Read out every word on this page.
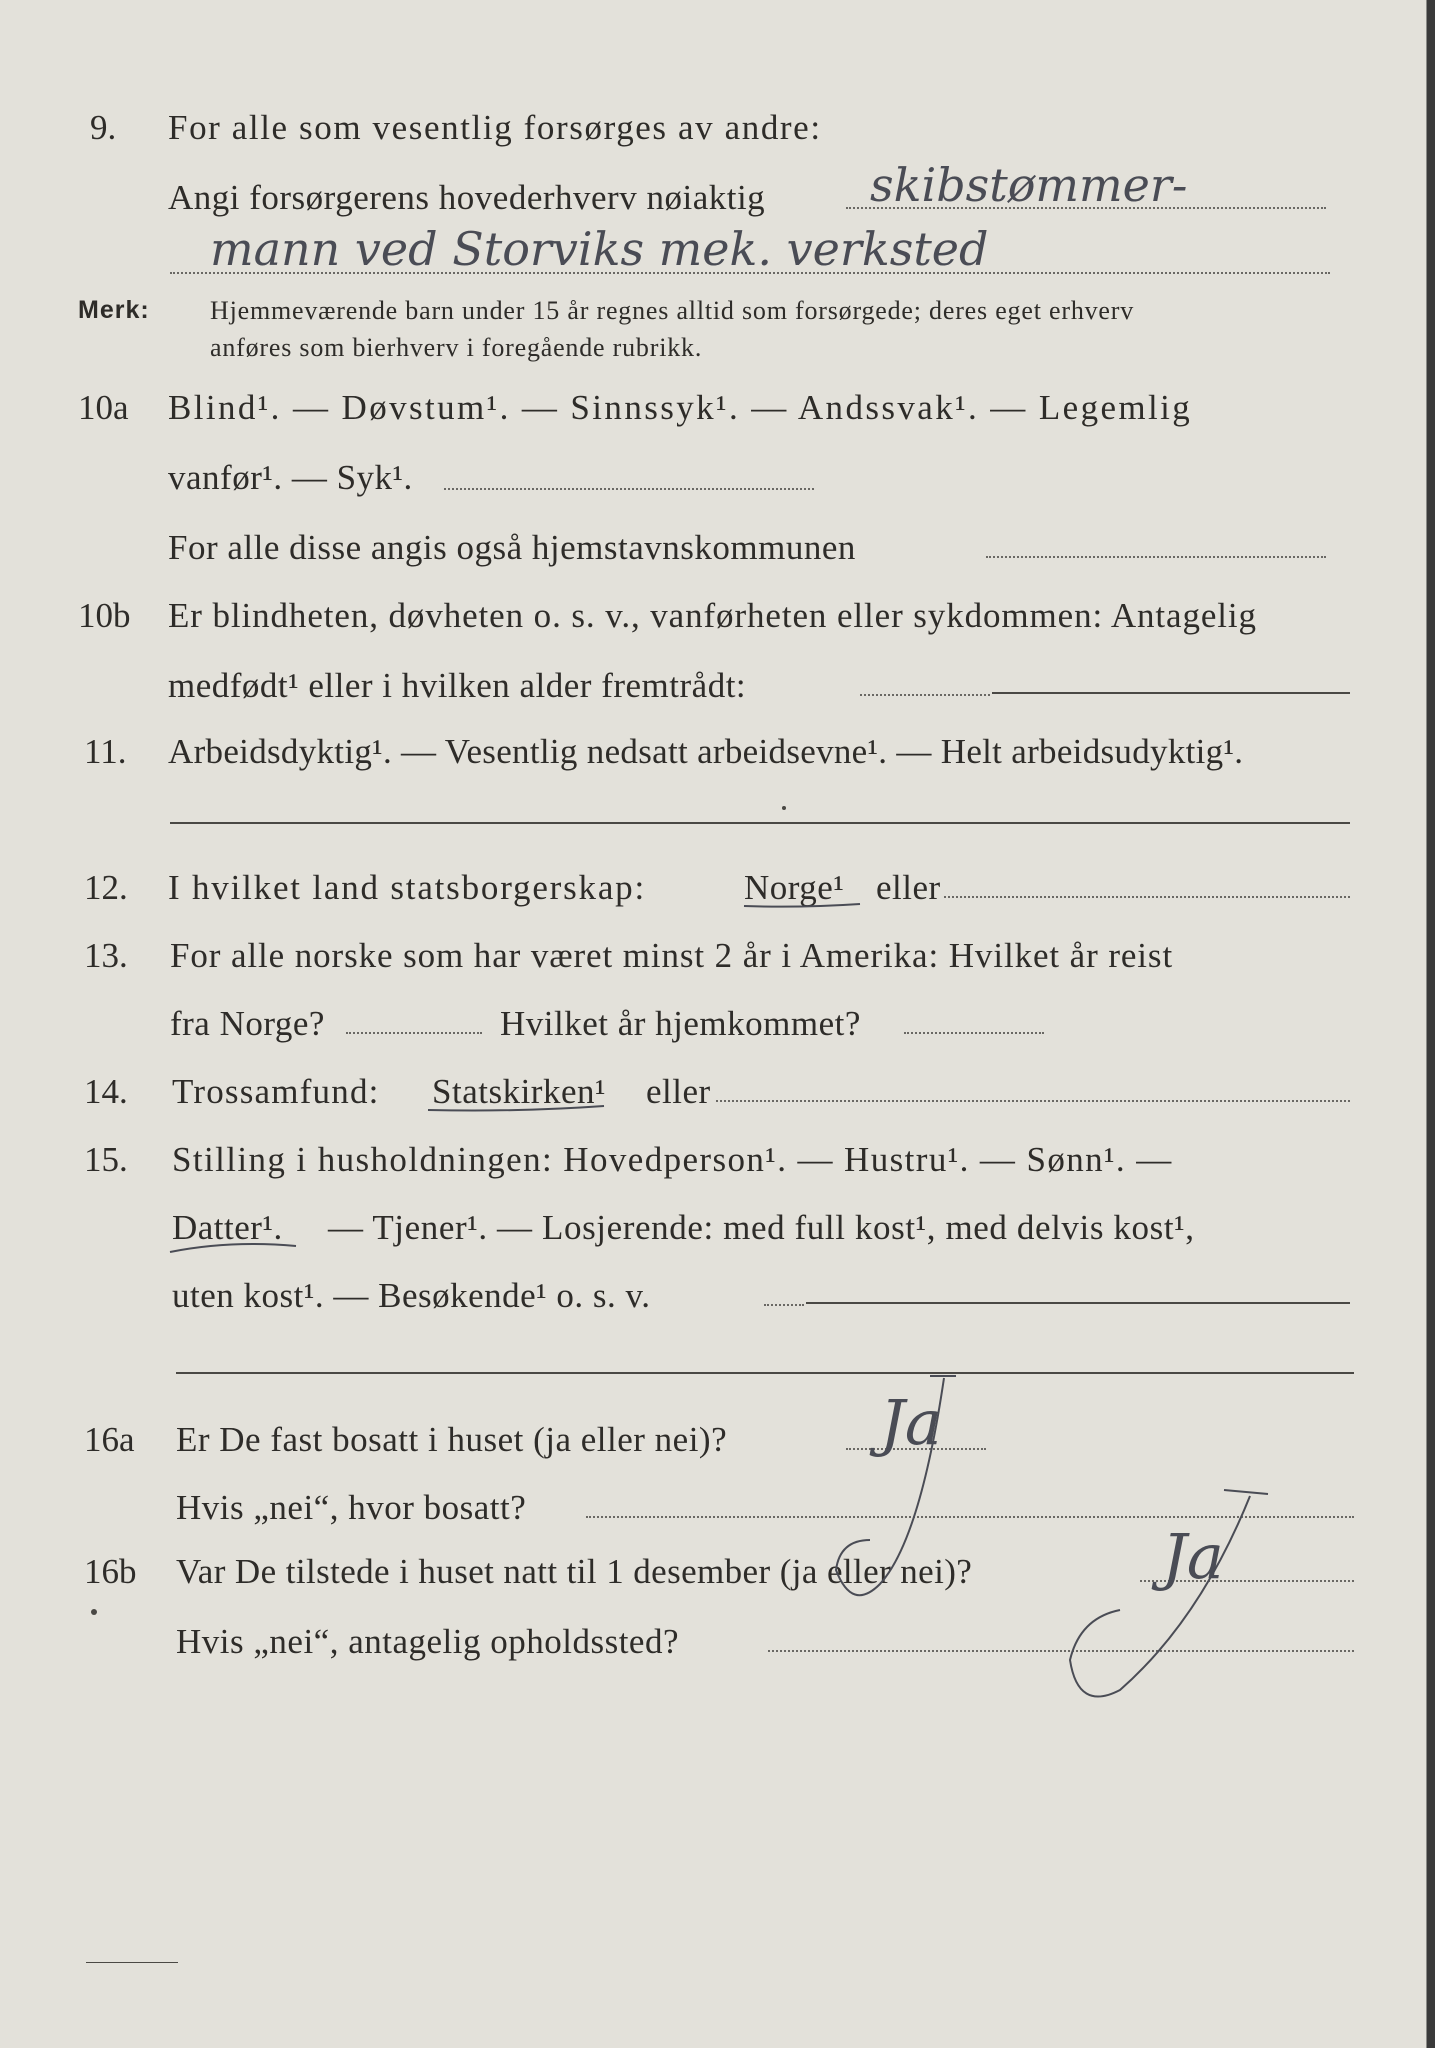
9. For alle som vesentlig forsørges av andre:
Angi forsørgerens hovederhverv nøiaktig skibstømmer-
mann ved Storviks mek. verksted
Merk: Hjemmeværende barn under 15 år regnes alltid som forsørgede; deres eget erhverv
anføres som bierhverv i foregående rubrikk.
10a Blind¹. — Døvstum¹. — Sinnssyk¹. — Andssvak¹. — Legemlig
vanfør¹. — Syk¹.
For alle disse angis også hjemstavnskommunen
10b Er blindheten, døvheten o. s. v., vanførheten eller sykdommen: Antagelig
medfødt¹ eller i hvilken alder fremtrådt:
11. Arbeidsdyktig¹. — Vesentlig nedsatt arbeidsevne¹. — Helt arbeidsudyktig¹.
12. I hvilket land statsborgerskap:	Norge¹ eller
13. For alle norske som har været minst 2 år i Amerika: Hvilket år reist
fra Norge?	Hvilket år hjemkommet?
14. Trossamfund: Statskirken¹ eller
15. Stilling i husholdningen: Hovedperson¹. — Hustru¹. — Sønn¹. —
Datter¹. — Tjener¹. — Losjerende: med full kost¹, med delvis kost¹,
uten kost¹. — Besøkende¹ o. s. v.
16a Er De fast bosatt i huset (ja eller nei)? Ja
Hvis „nei“, hvor bosatt?
16b Var De tilstede i huset natt til 1 desember (ja eller nei)?	Ja
Hvis „nei“, antagelig opholdssted?
